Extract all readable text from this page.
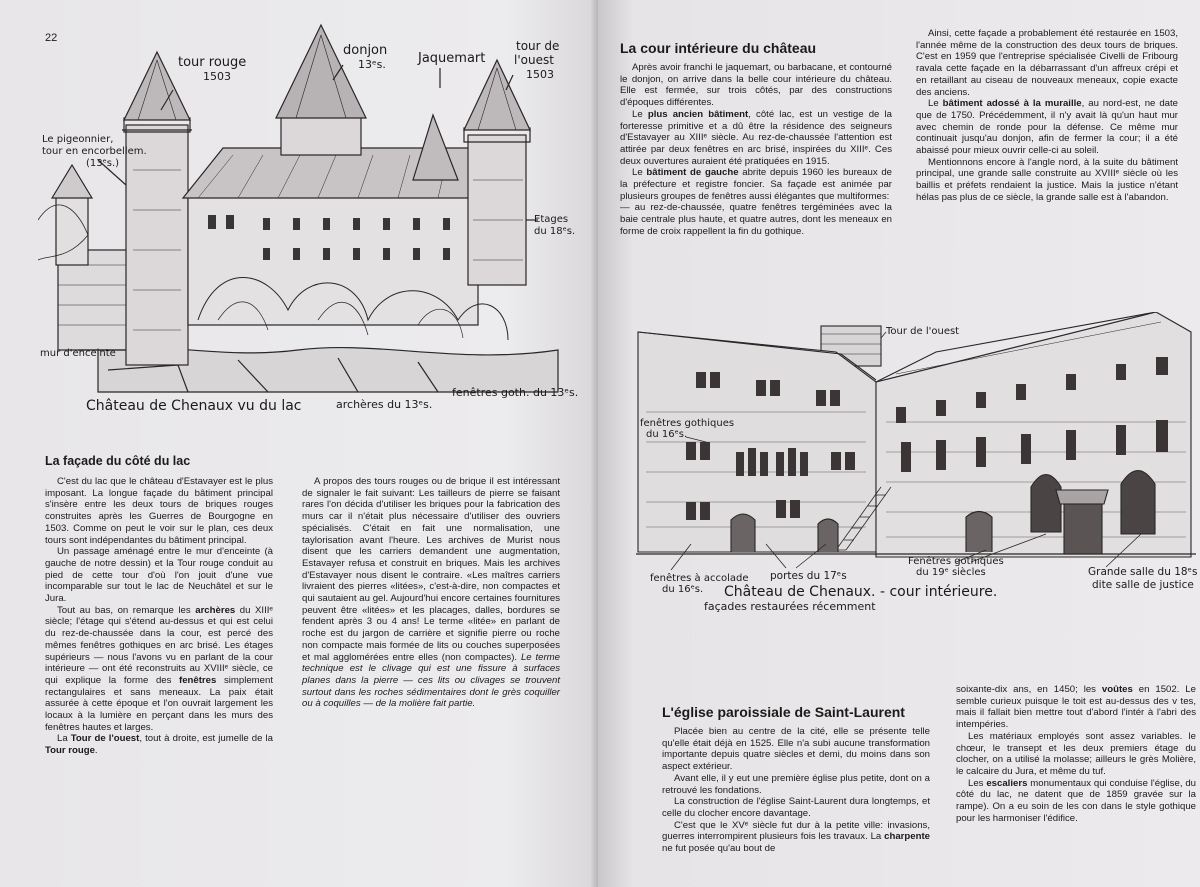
22
tour rouge
1503
donjon
13ᵉs. Jaquemart
tour de
l'ouest
1503
Le pigeonnier,
tour en encorbellem.
(13ᵉs.)
Etages
du 18ᵉs.
mur d'enceinte
Château de Chenaux vu du lac	archères du 13ᵉs.
fenêtres goth. du 13ᵉs.
La façade du côté du lac

C'est du lac que le château d'Estavayer est le plus imposant. La longue façade du bâtiment principal s'insère entre les deux tours de briques rouges construites après les Guerres de Bourgogne en 1503. Comme on peut le voir sur le plan, ces deux tours sont indépendantes du bâtiment principal.

Un passage aménagé entre le mur d'enceinte (à gauche de notre dessin) et la Tour rouge conduit au pied de cette tour d'où l'on jouit d'une vue incomparable sur tout le lac de Neuchâtel et sur le Jura.

Tout au bas, on remarque les archères du XIIIᵉ siècle; l'étage qui s'étend au-dessus et qui est celui du rez-de-chaussée dans la cour, est percé des mêmes fenêtres gothiques en arc brisé. Les étages supérieurs — nous l'avons vu en parlant de la cour intérieure — ont été reconstruits au XVIIIᵉ siècle, ce qui explique la forme des fenêtres simplement rectangulaires et sans meneaux. La paix était assurée à cette époque et l'on ouvrait largement les locaux à la lumière en perçant dans les murs des fenêtres hautes et larges.

La Tour de l'ouest, tout à droite, est jumelle de la Tour rouge.

A propos des tours rouges ou de brique il est intéressant de signaler le fait suivant: Les tailleurs de pierre se faisant rares l'on décida d'utiliser les briques pour la fabrication des murs car il n'était plus nécessaire d'utiliser des ouvriers spécialisés. C'était en fait une normalisation, une taylorisation avant l'heure. Les archives de Murist nous disent que les carriers demandent une augmentation, Estavayer refusa et construit en briques. Mais les archives d'Estavayer nous disent le contraire. «Les maîtres carriers livraient des pierres «litées», c'est-à-dire, non compactes et qui sautaient au gel. Aujourd'hui encore certaines fournitures peuvent être «litées» et les placages, dalles, bordures se fendent après 3 ou 4 ans! Le terme «litée» en parlant de roche est du jargon de carrière et signifie pierre ou roche non compacte mais formée de lits ou couches superposées et mal agglomérées entre elles (non compactes). Le terme technique est le clivage qui est une fissure à surfaces planes dans la pierre — ces lits ou clivages se trouvent surtout dans les roches sédimentaires dont le grès coquiller ou à coquilles — de la molière fait partie.

La cour intérieure du château

Après avoir franchi le jaquemart, ou barbacane, et contourné le donjon, on arrive dans la belle cour intérieure du château. Elle est fermée, sur trois côtés, par des constructions d'époques différentes.

Le plus ancien bâtiment, côté lac, est un vestige de la forteresse primitive et a dû être la résidence des seigneurs d'Estavayer au XIIIᵉ siècle. Au rez-de-chaussée l'attention est attirée par deux fenêtres en arc brisé, inspirées du XIIIᵉ. Ces deux ouvertures auraient été pratiquées en 1915.

Le bâtiment de gauche abrite depuis 1960 les bureaux de la préfecture et registre foncier. Sa façade est animée par plusieurs groupes de fenêtres aussi élégantes que multiformes:

— au rez-de-chaussée, quatre fenêtres tergéminées avec la baie centrale plus haute, et quatre autres, dont les meneaux en forme de croix rappellent la fin du gothique.

Ainsi, cette façade a probablement été restaurée en 1503, l'année même de la construction des deux tours de briques. C'est en 1959 que l'entreprise spécialisée Civelli de Fribourg ravala cette façade en la débarrassant d'un affreux crépi et en retaillant au ciseau de nouveaux meneaux, copie exacte des anciens.

Le bâtiment adossé à la muraille, au nord-est, ne date que de 1750. Précédemment, il n'y avait là qu'un haut mur avec chemin de ronde pour la défense. Ce même mur continuait jusqu'au donjon, afin de fermer la cour; il a été abaissé pour mieux ouvrir celle-ci au soleil.

Mentionnons encore à l'angle nord, à la suite du bâtiment principal, une grande salle construite au XVIIIᵉ siècle où les baillis et préfets rendaient la justice. Mais la justice n'étant hélas pas plus de ce siècle, la grande salle est à l'abandon.

Tour de l'ouest
fenêtres gothiques
du 16ᵉs.
fenêtres à accolade
du 16ᵉs.
portes du 17ᵉs
Fenêtres gothiques
du 19ᵉ siècles	Grande salle du 18ᵉs
dite salle de justice
Château de Chenaux. - cour intérieure.
façades restaurées récemment
L'église paroissiale de Saint-Laurent

Placée bien au centre de la cité, elle se présente telle qu'elle était déjà en 1525. Elle n'a subi aucune transformation importante depuis quatre siècles et demi, du moins dans son aspect extérieur.

Avant elle, il y eut une première église plus petite, dont on a retrouvé les fondations.

La construction de l'église Saint-Laurent dura longtemps, et celle du clocher encore davantage.

C'est que le XVᵉ siècle fut dur à la petite ville: invasions, guerres interrompirent plusieurs fois les travaux. La charpente ne fut posée qu'au bout de

soixante-dix ans, en 1450; les voûtes en 1502. Le semble curieux puisque le toit est au-dessus des v tes, mais il fallait bien mettre tout d'abord l'intér à l'abri des intempéries.

Les matériaux employés sont assez variables. le chœur, le transept et les deux premiers étage du clocher, on a utilisé la molasse; ailleurs le grès Molière, le calcaire du Jura, et même du tuf.

Les escaliers monumentaux qui conduise l'église, du côté du lac, ne datent que de 1859 gravée sur la rampe). On a eu soin de les con dans le style gothique pour les harmoniser l'édifice.
